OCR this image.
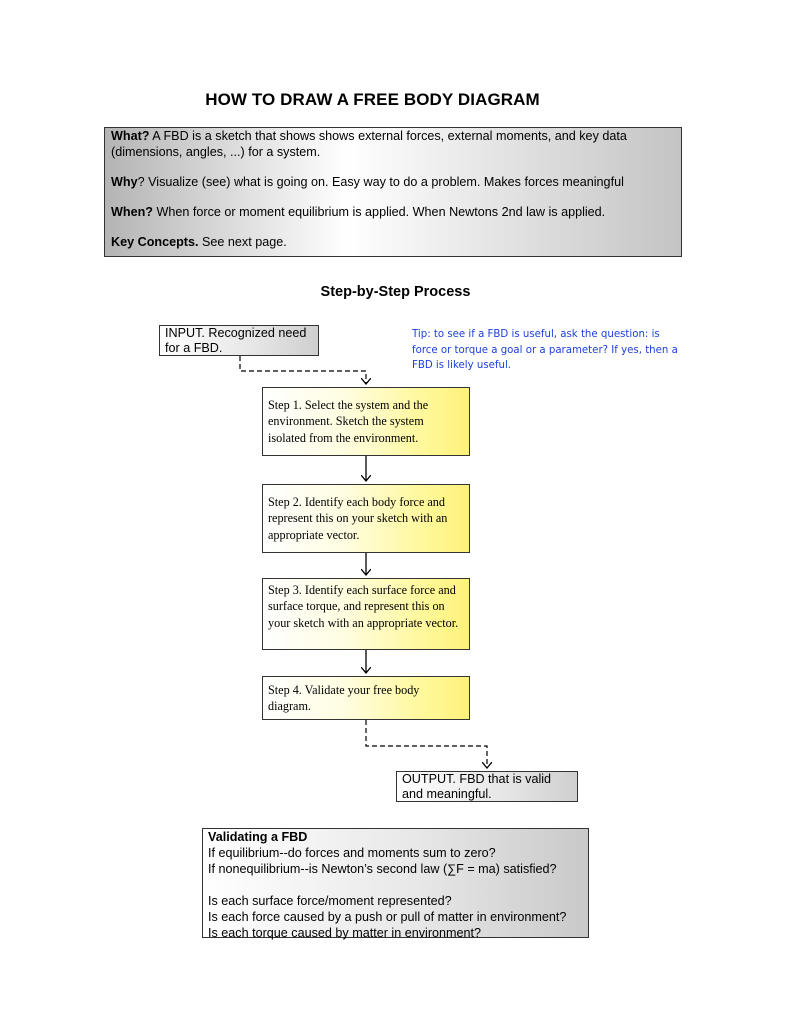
HOW TO DRAW A FREE BODY DIAGRAM

What? A FBD is a sketch that shows shows external forces, external moments, and key data (dimensions, angles, ...) for a system.

Why? Visualize (see) what is going on. Easy way to do a problem. Makes forces meaningful

When? When force or moment equilibrium is applied. When Newtons 2nd law is applied.

Key Concepts. See next page.

Step-by-Step Process
INPUT. Recognized need for a FBD.
Tip: to see if a FBD is useful, ask the question: is force or torque a goal or a parameter? If yes, then a FBD is likely useful.
Step 1. Select the system and the environment. Sketch the system isolated from the environment.
Step 2. Identify each body force and represent this on your sketch with an appropriate vector.
Step 3. Identify each surface force and surface torque, and represent this on your sketch with an appropriate vector.
Step 4. Validate your free body diagram.
OUTPUT. FBD that is valid and meaningful.

Validating a FBD

If equilibrium--do forces and moments sum to zero?

If nonequilibrium--is Newton’s second law (∑F = ma) satisfied?

Is each surface force/moment represented?

Is each force caused by a push or pull of matter in environment?

Is each torque caused by matter in environment?
